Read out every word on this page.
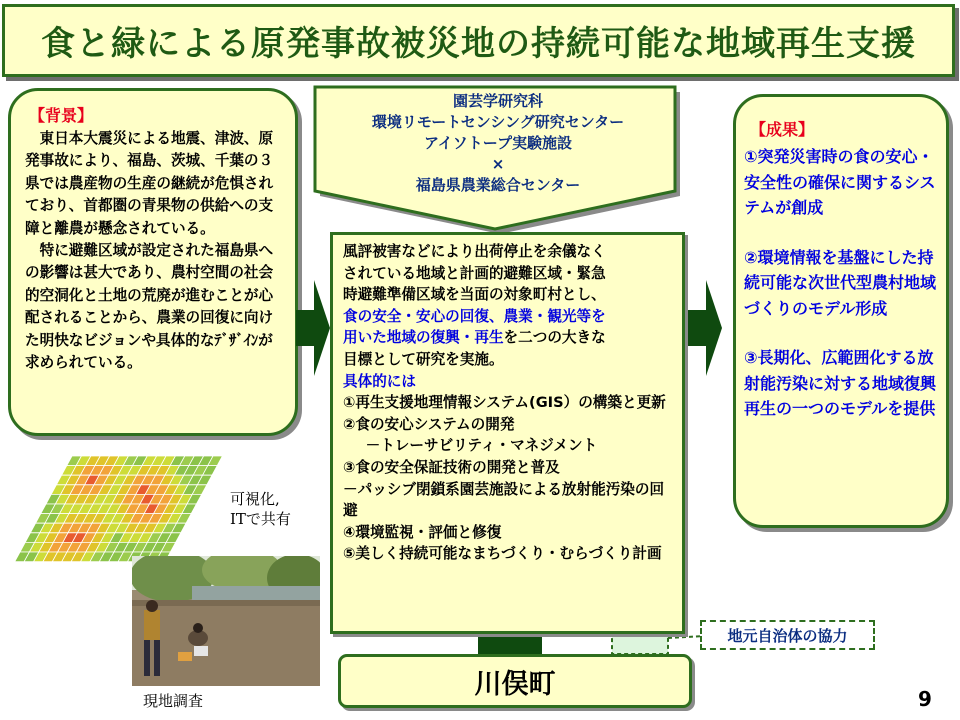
食と緑による原発事故被災地の持続可能な地域再生支援
【背景】

東日本大震災による地震、津波、原発事故により、福島、茨城、千葉の３県では農産物の生産の継続が危惧されており、首都圏の青果物の供給への支障と離農が懸念されている。

特に避難区域が設定された福島県への影響は甚大であり、農村空間の社会的空洞化と土地の荒廃が進むことが心配されることから、農業の回復に向けた明快なビジョンや具体的なﾃﾞｻﾞｲﾝが求められている。

園芸学研究科
環境リモートセンシング研究センター
アイソトープ実験施設
×
福島県農業総合センター

風評被害などにより出荷停止を余儀なく

されている地域と計画的避難区域・緊急

時避難準備区域を当面の対象町村とし、

食の安全・安心の回復、農業・観光等を

用いた地域の復興・再生を二つの大きな

目標として研究を実施。

具体的には

①再生支援地理情報システム(GIS）の構築と更新

②食の安心システムの開発

　－トレーサビリティ・マネジメント

③食の安全保証技術の開発と普及

－パッシブ閉鎖系園芸施設による放射能汚染の回避

④環境監視・評価と修復

⑤美しく持続可能なまちづくり・むらづくり計画

【成果】
①突発災害時の食の安心・安全性の確保に関するシステムが創成
②環境情報を基盤にした持続可能な次世代型農村地域づくりのモデル形成
③長期化、広範囲化する放射能汚染に対する地域復興再生の一つのモデルを提供
可視化,
ITで共有
現地調査
川俣町
地元自治体の協力
9
